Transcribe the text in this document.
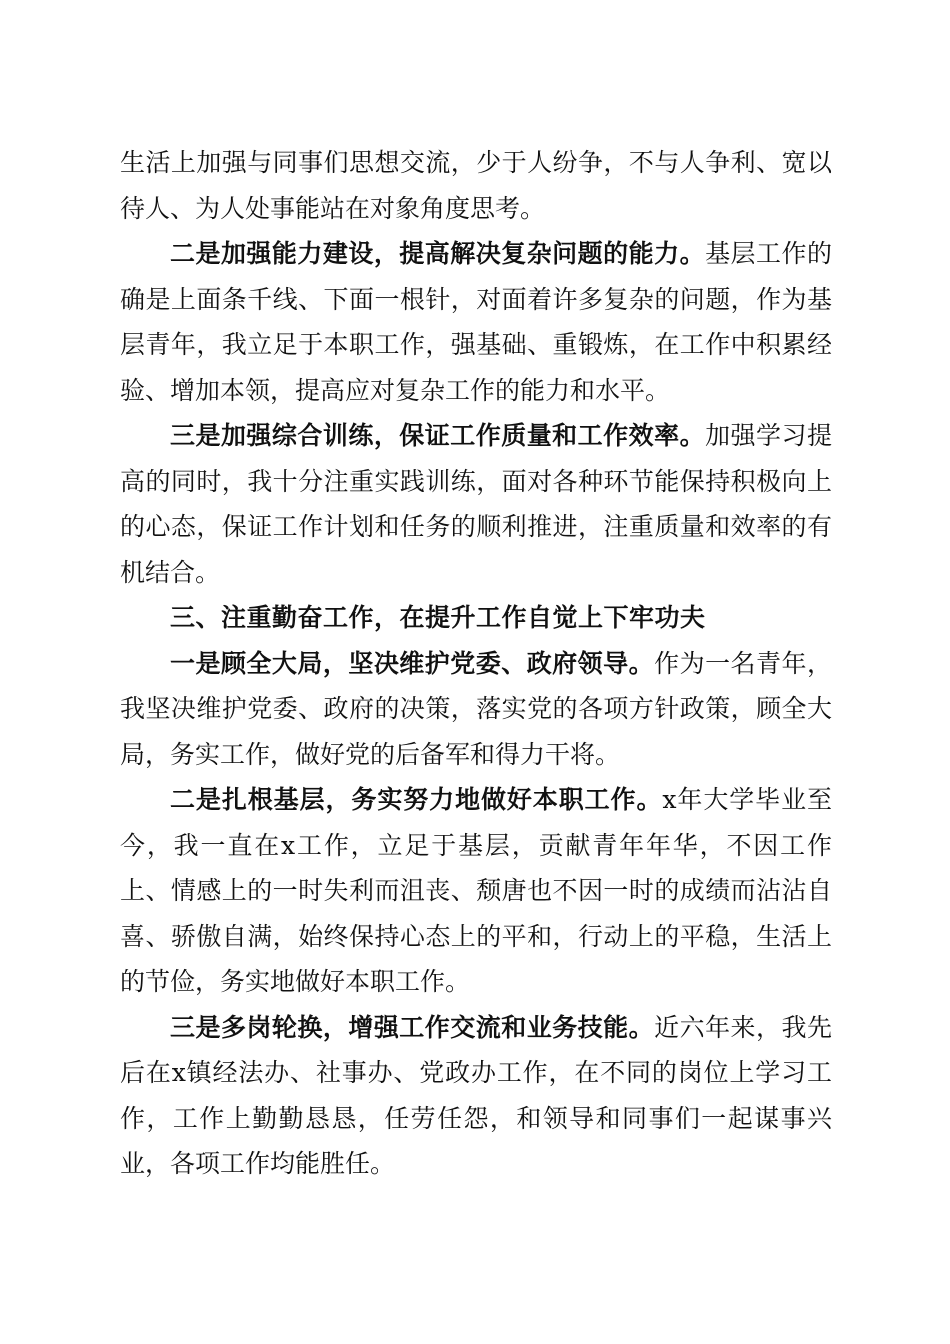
生活上加强与同事们思想交流，少于人纷争，不与人争利、宽以待人、为人处事能站在对象角度思考。

二是加强能力建设，提高解决复杂问题的能力。基层工作的确是上面条千线、下面一根针，对面着许多复杂的问题，作为基层青年，我立足于本职工作，强基础、重锻炼，在工作中积累经验、增加本领，提高应对复杂工作的能力和水平。

三是加强综合训练，保证工作质量和工作效率。加强学习提高的同时，我十分注重实践训练，面对各种环节能保持积极向上的心态，保证工作计划和任务的顺利推进，注重质量和效率的有机结合。

三、注重勤奋工作，在提升工作自觉上下牢功夫

一是顾全大局，坚决维护党委、政府领导。作为一名青年，我坚决维护党委、政府的决策，落实党的各项方针政策，顾全大局，务实工作，做好党的后备军和得力干将。

二是扎根基层，务实努力地做好本职工作。x年大学毕业至今，我一直在x工作，立足于基层，贡献青年年华，不因工作上、情感上的一时失利而沮丧、颓唐也不因一时的成绩而沾沾自喜、骄傲自满，始终保持心态上的平和，行动上的平稳，生活上的节俭，务实地做好本职工作。

三是多岗轮换，增强工作交流和业务技能。近六年来，我先后在x镇经法办、社事办、党政办工作，在不同的岗位上学习工作，工作上勤勤恳恳，任劳任怨，和领导和同事们一起谋事兴业，各项工作均能胜任。
